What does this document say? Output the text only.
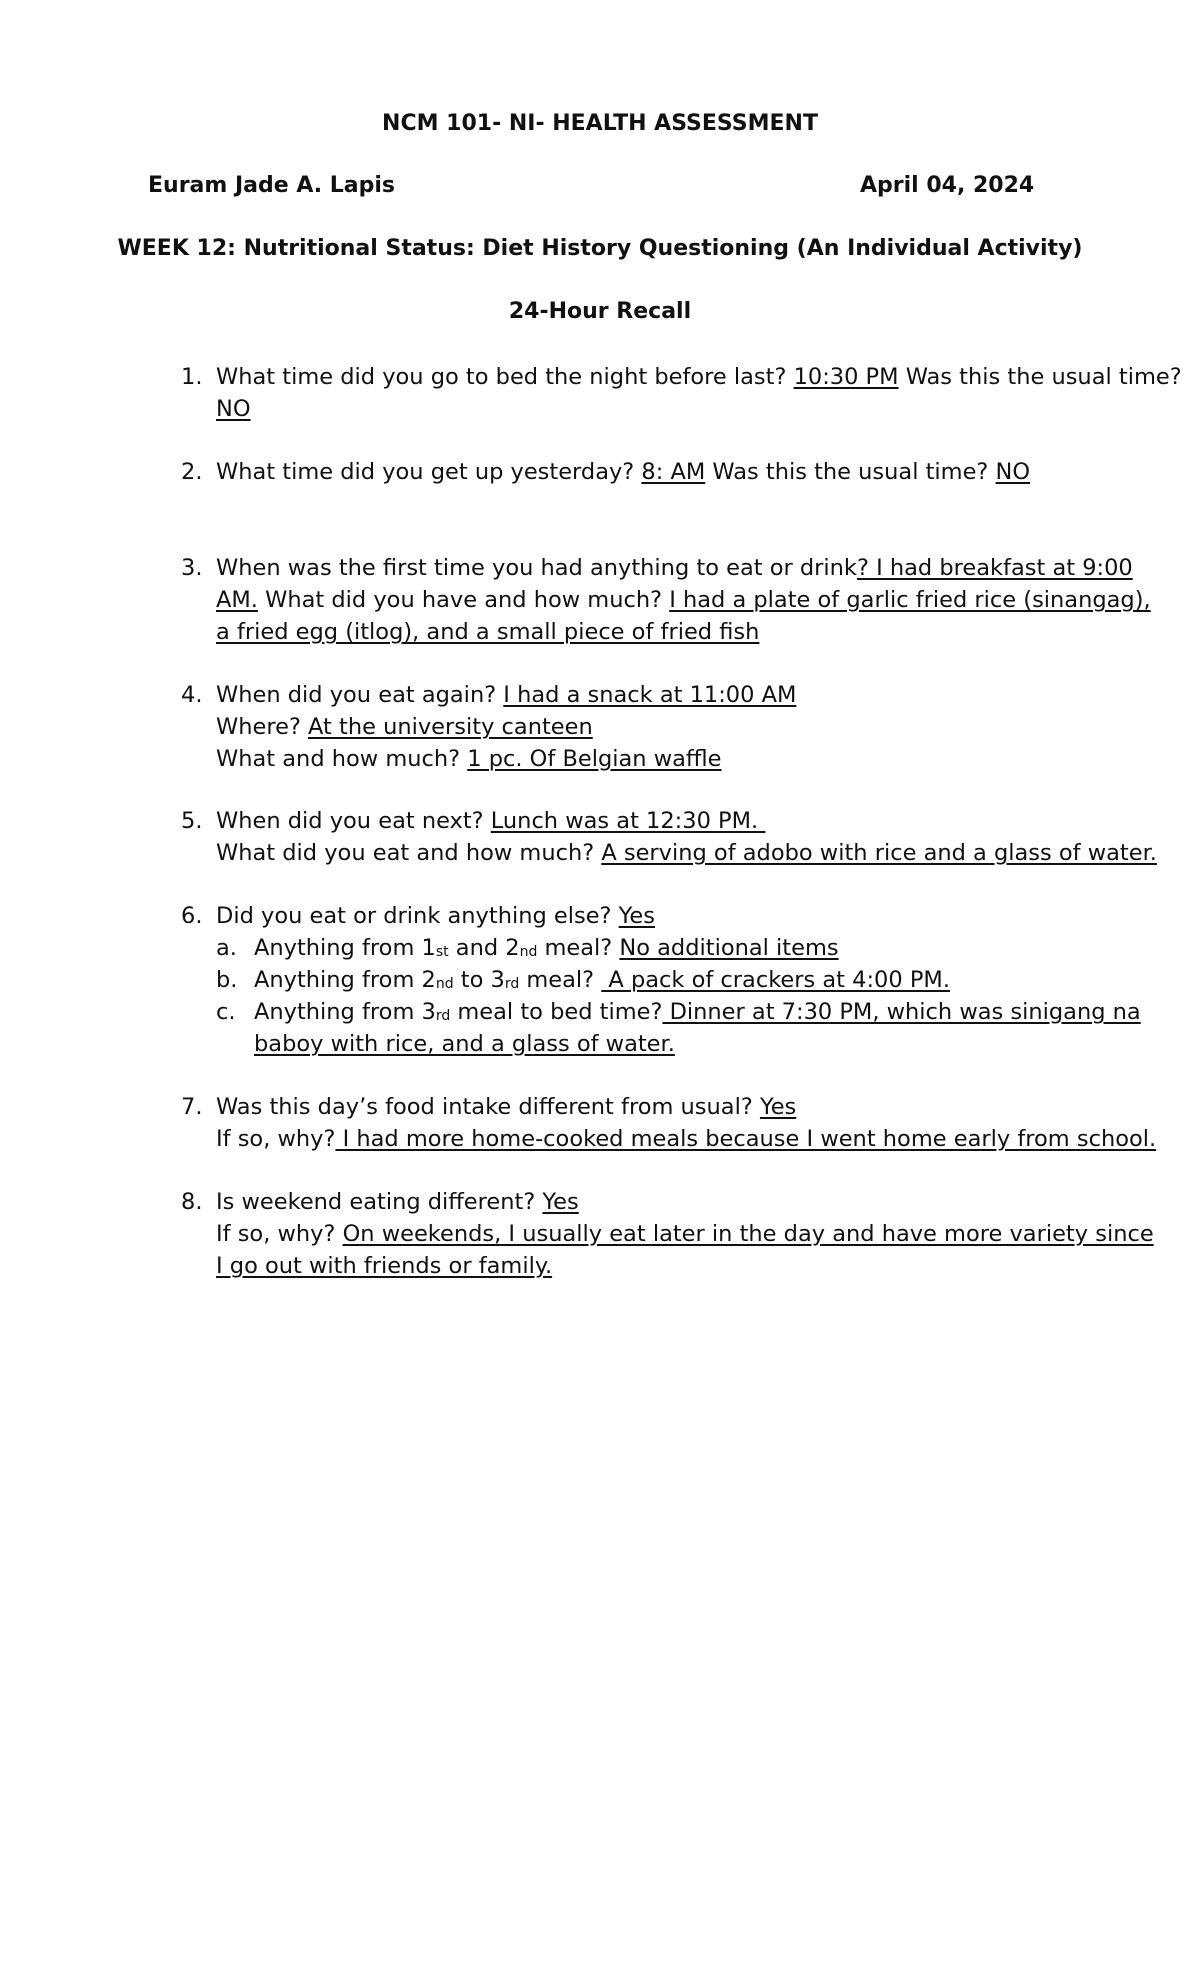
NCM 101- NI- HEALTH ASSESSMENT
Euram Jade A. Lapis	April 04, 2024
WEEK 12: Nutritional Status: Diet History Questioning (An Individual Activity)
24-Hour Recall
1. What time did you go to bed the night before last? 10:30 PM Was this the usual time?
NO
2. What time did you get up yesterday? 8: AM Was this the usual time? NO
3. When was the first time you had anything to eat or drink? I had breakfast at 9:00
AM. What did you have and how much? I had a plate of garlic fried rice (sinangag),
a fried egg (itlog), and a small piece of fried fish
4. When did you eat again? I had a snack at 11:00 AM
Where? At the university canteen
What and how much? 1 pc. Of Belgian waffle
5. When did you eat next? Lunch was at 12:30 PM.
What did you eat and how much? A serving of adobo with rice and a glass of water.
6. Did you eat or drink anything else? Yes
a. Anything from 1st and 2nd meal? No additional items
b. Anything from 2nd to 3rd meal?  A pack of crackers at 4:00 PM.
c. Anything from 3rd meal to bed time? Dinner at 7:30 PM, which was sinigang na
baboy with rice, and a glass of water.
7. Was this day’s food intake different from usual? Yes
If so, why? I had more home-cooked meals because I went home early from school.
8. Is weekend eating different? Yes
If so, why? On weekends, I usually eat later in the day and have more variety since
I go out with friends or family.
